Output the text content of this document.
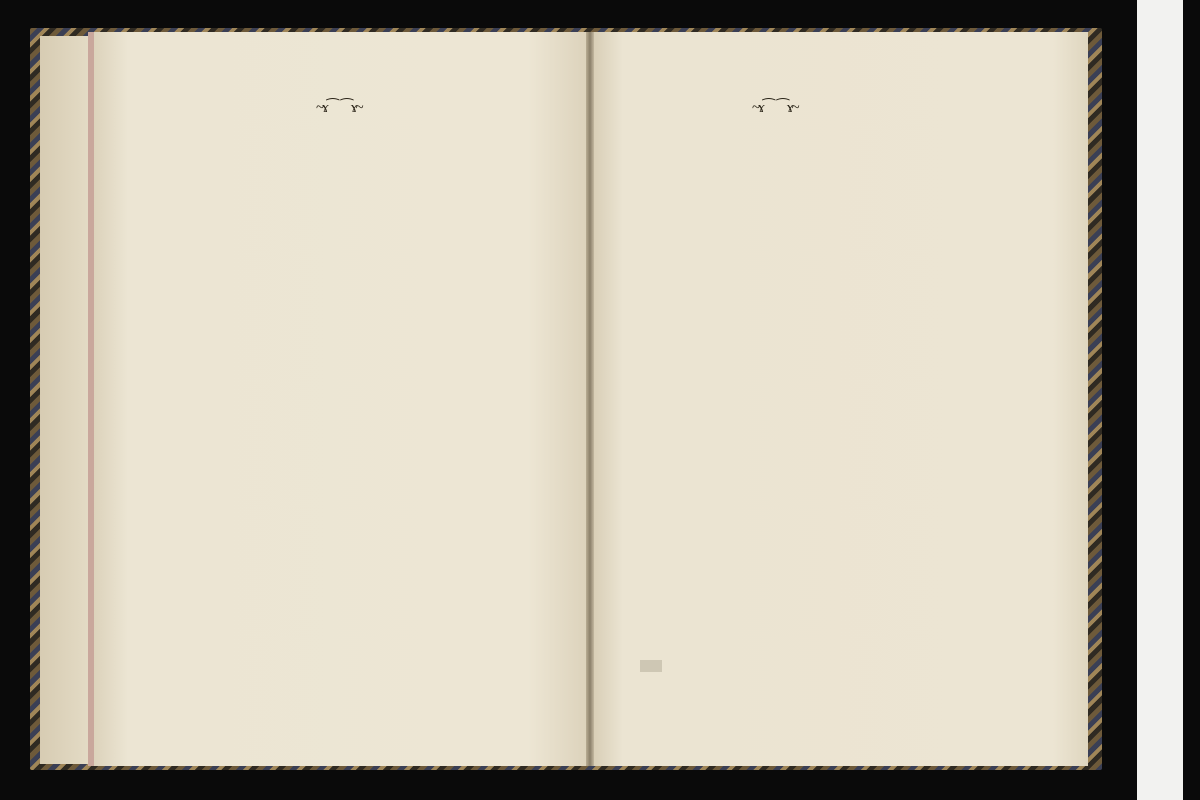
~ɤ⁀ ⁀ɤ~	~ɤ⁀ ⁀ɤ~
